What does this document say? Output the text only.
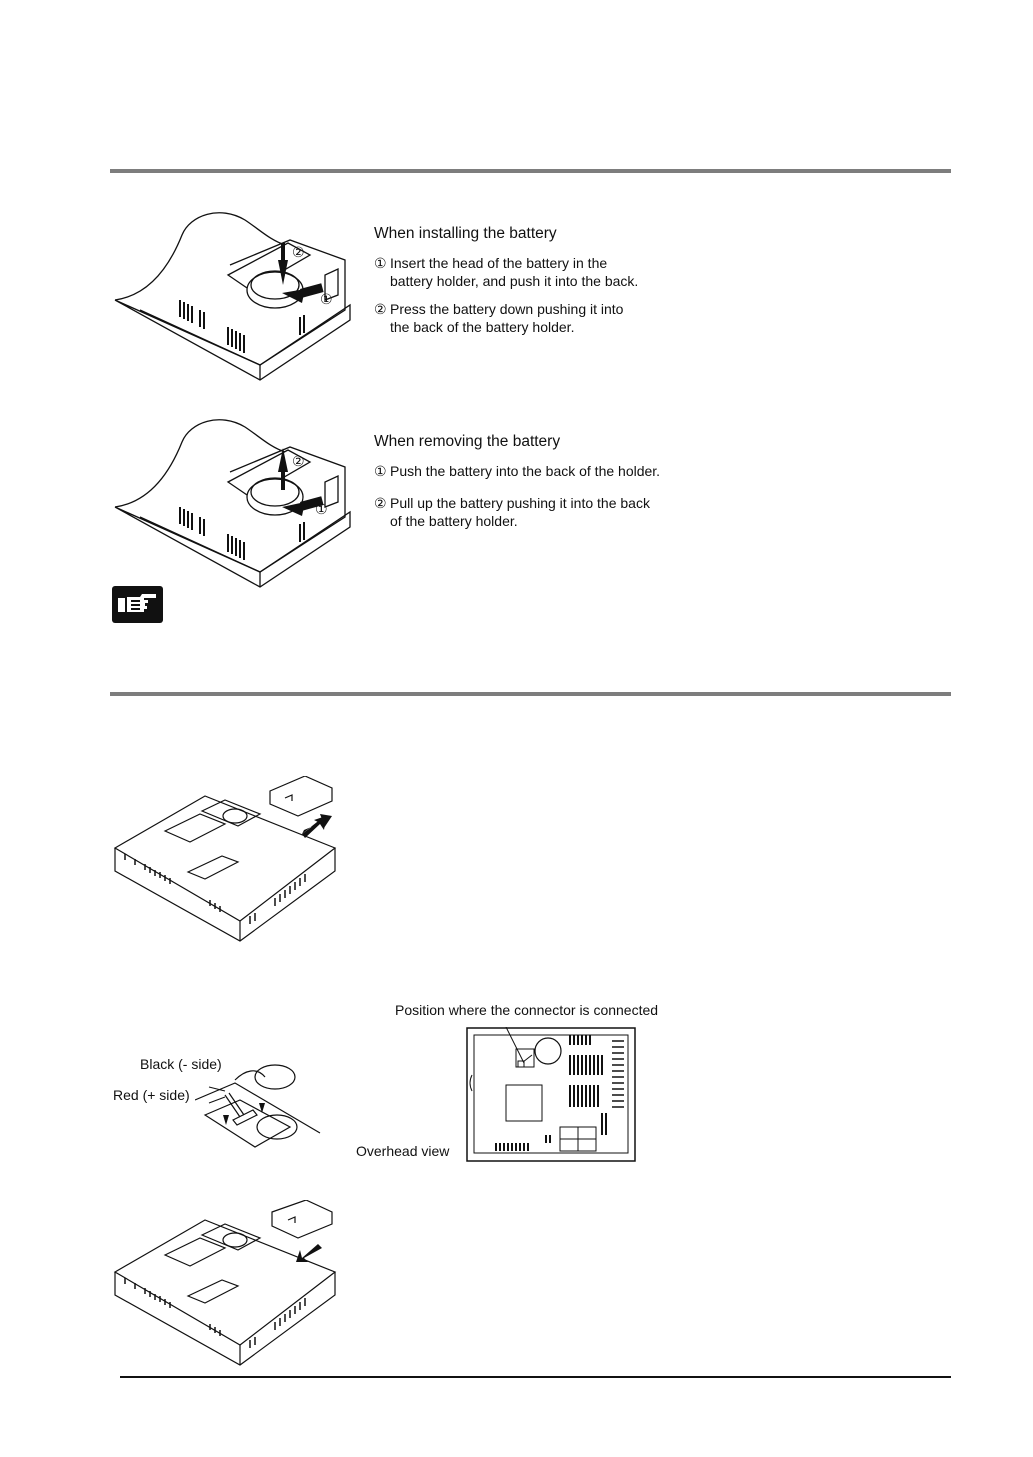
②
①
When installing the battery
① Insert the head of the battery in the
battery holder, and push it into the back.
② Press the battery down pushing it into
the back of the battery holder.
②
①
When removing the battery
① Push the battery into the back of the holder.
② Pull up the battery pushing it into the back
of the battery holder.
Position where the connector is connected
Black (- side)
Red (+ side)
Overhead view
